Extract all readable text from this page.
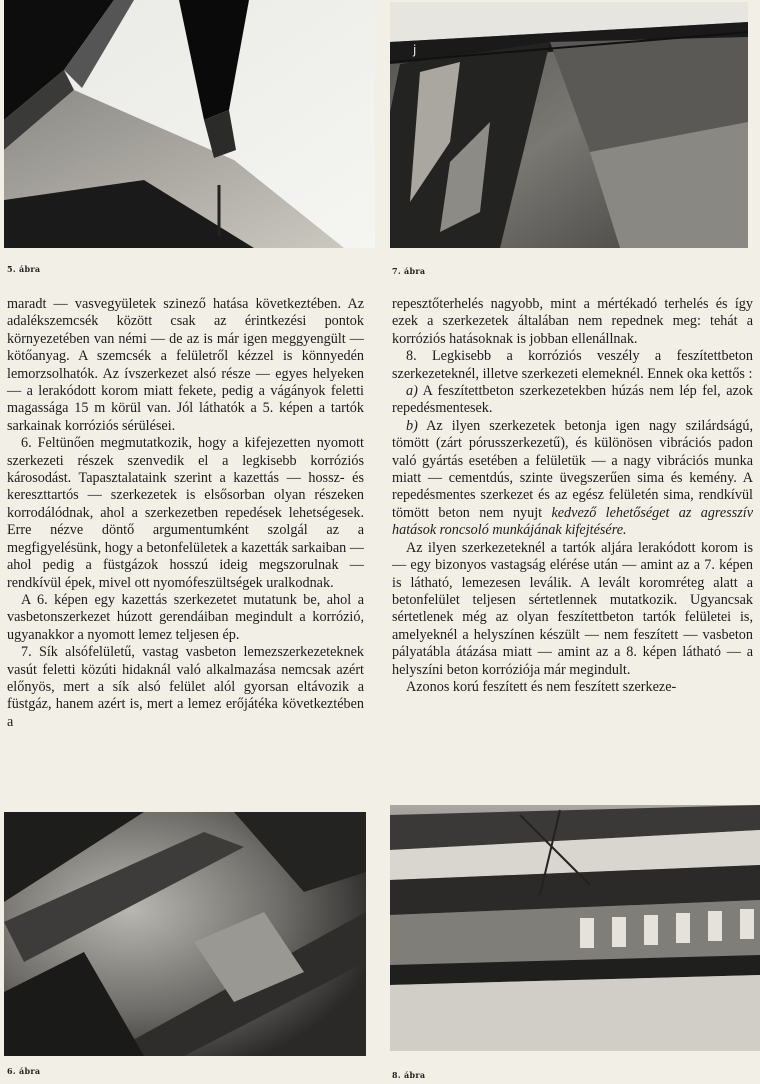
5. ábra
j
7. ábra

maradt — vasvegyületek szinező hatása következtében. Az adalékszemcsék között csak az érintkezési pontok környezetében van némi — de az is már igen meggyengült — kötőanyag. A szemcsék a felületről kézzel is könnyedén lemorzsolhatók. Az ívszerkezet alsó része — egyes helyeken — a lerakódott korom miatt fekete, pedig a vágányok feletti magassága 15 m körül van. Jól láthatók a 5. képen a tartók sarkainak korróziós sérülései.

6. Feltünően megmutatkozik, hogy a kifejezetten nyomott szerkezeti részek szenvedik el a legkisebb korróziós károsodást. Tapasztalataink szerint a kazettás — hossz- és kereszttartós — szerkezetek is elsősorban olyan részeken korrodálódnak, ahol a szerkezetben repedések lehetségesek. Erre nézve döntő argumentumként szolgál az a megfigyelésünk, hogy a betonfelületek a kazetták sarkaiban — ahol pedig a füstgázok hosszú ideig megszorulnak — rendkívül épek, mivel ott nyomófeszültségek uralkodnak.

A 6. képen egy kazettás szerkezetet mutatunk be, ahol a vasbetonszerkezet húzott gerendáiban megindult a korrózió, ugyanakkor a nyomott lemez teljesen ép.

7. Sík alsófelületű, vastag vasbeton lemezszerkezeteknek vasút feletti közúti hidaknál való alkalmazása nemcsak azért előnyös, mert a sík alsó felület alól gyorsan eltávozik a füstgáz, hanem azért is, mert a lemez erőjátéka következtében a

repesztőterhelés nagyobb, mint a mértékadó terhelés és így ezek a szerkezetek általában nem repednek meg: tehát a korróziós hatásoknak is jobban ellenállnak.

8. Legkisebb a korróziós veszély a feszítettbeton szerkezeteknél, illetve szerkezeti elemeknél. Ennek oka kettős :

a) A feszítettbeton szerkezetekben húzás nem lép fel, azok repedésmentesek.

b) Az ilyen szerkezetek betonja igen nagy szilárdságú, tömött (zárt pórusszerkezetű), és különösen vibrációs padon való gyártás esetében a felületük — a nagy vibrációs munka miatt — cementdús, szinte üvegszerűen sima és kemény. A repedésmentes szerkezet és az egész felületén sima, rendkívül tömött beton nem nyujt kedvező lehetőséget az agresszív hatások roncsoló munkájának kifejtésére.

Az ilyen szerkezeteknél a tartók aljára lerakódott korom is — egy bizonyos vastagság elérése után — amint az a 7. képen is látható, lemezesen leválik. A levált koromréteg alatt a betonfelület teljesen sértetlennek mutatkozik. Ugyancsak sértetlenek még az olyan feszítettbeton tartók felületei is, amelyeknél a helyszínen készült — nem feszített — vasbeton pályatábla átázása miatt — amint az a 8. képen látható — a helyszíni beton korróziója már megindult.

Azonos korú feszített és nem feszített szerkeze-

6. ábra	8. ábra
